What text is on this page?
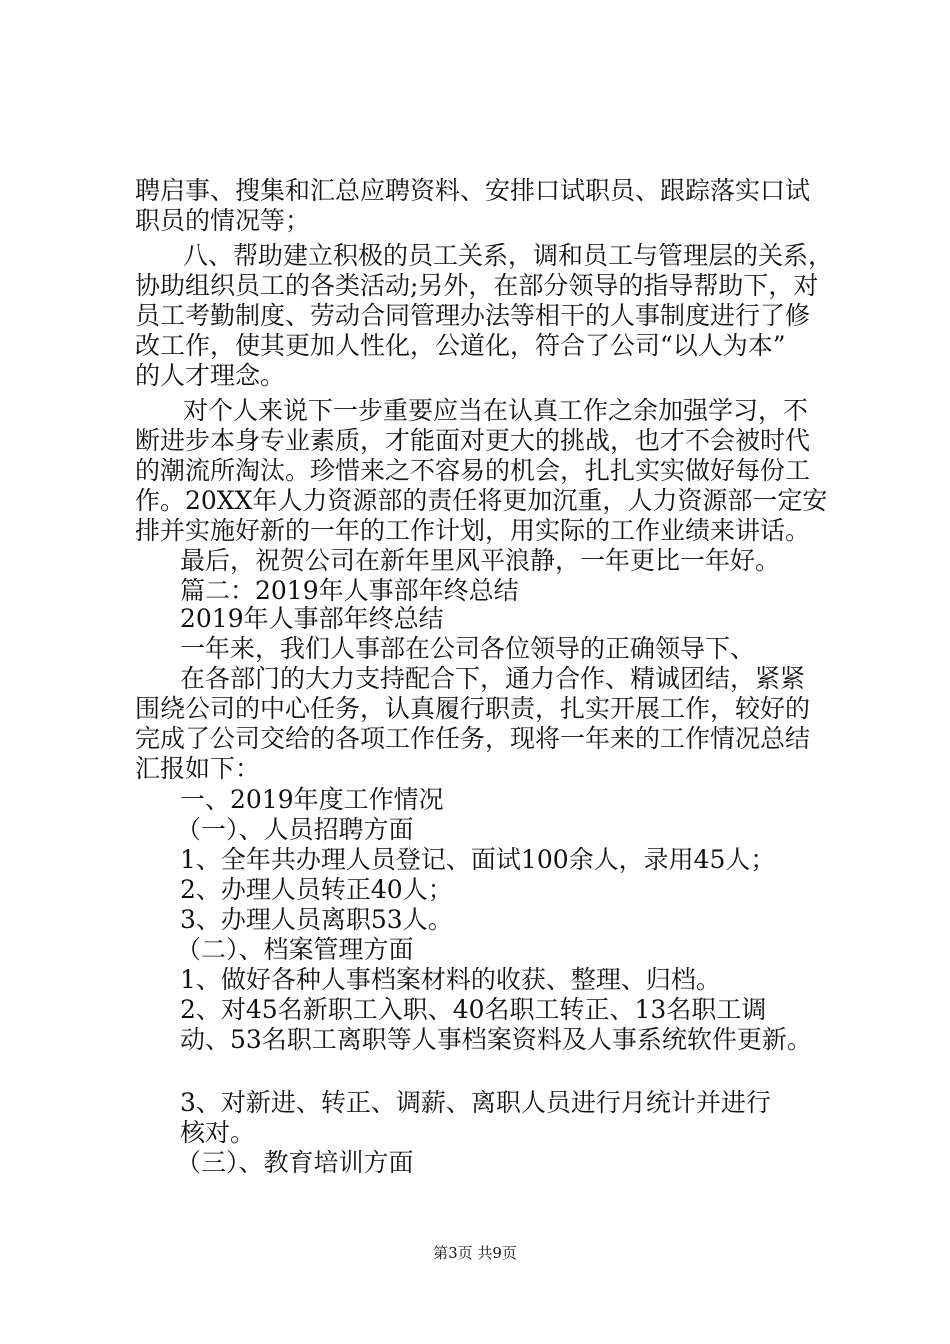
聘启事、搜集和汇总应聘资料、安排口试职员、跟踪落实口试
职员的情况等；
八、帮助建立积极的员工关系，调和员工与管理层的关系，
协助组织员工的各类活动;另外，在部分领导的指导帮助下，对
员工考勤制度、劳动合同管理办法等相干的人事制度进行了修
改工作，使其更加人性化，公道化，符合了公司“以人为本”
的人才理念。
对个人来说下一步重要应当在认真工作之余加强学习，不
断进步本身专业素质，才能面对更大的挑战，也才不会被时代
的潮流所淘汰。珍惜来之不容易的机会，扎扎实实做好每份工
作。20XX年人力资源部的责任将更加沉重，人力资源部一定安
排并实施好新的一年的工作计划，用实际的工作业绩来讲话。
最后，祝贺公司在新年里风平浪静，一年更比一年好。
篇二：2019年人事部年终总结
2019年人事部年终总结
一年来，我们人事部在公司各位领导的正确领导下、
在各部门的大力支持配合下，通力合作、精诚团结，紧紧
围绕公司的中心任务，认真履行职责，扎实开展工作，较好的
完成了公司交给的各项工作任务，现将一年来的工作情况总结
汇报如下：
一、2019年度工作情况
（一）、人员招聘方面
1、全年共办理人员登记、面试100余人，录用45人；
2、办理人员转正40人；
3、办理人员离职53人。
（二）、档案管理方面
1、做好各种人事档案材料的收获、整理、归档。
2、对45名新职工入职、40名职工转正、13名职工调
动、53名职工离职等人事档案资料及人事系统软件更新。
3、对新进、转正、调薪、离职人员进行月统计并进行
核对。
（三）、教育培训方面
第3页 共9页
